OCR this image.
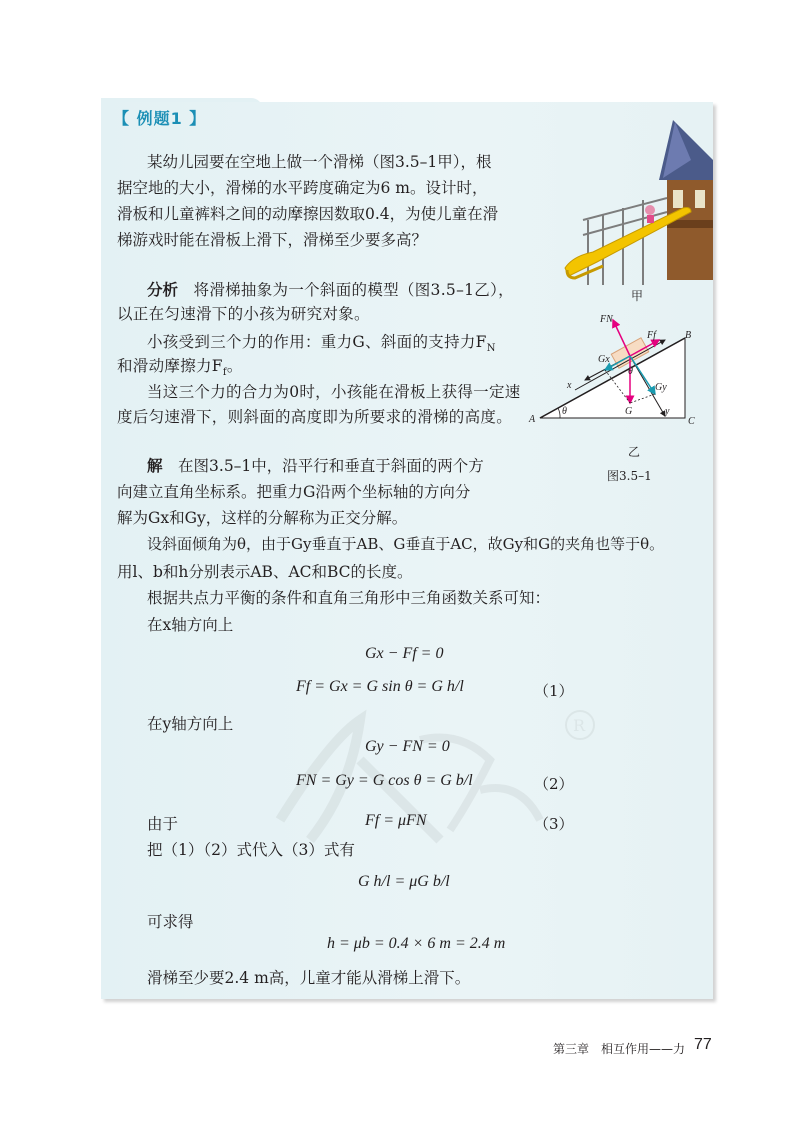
【 例题1 】
R

某幼儿园要在空地上做一个滑梯（图3.5–1甲），根

据空地的大小，滑梯的水平跨度确定为6 m。设计时，

滑板和儿童裤料之间的动摩擦因数取0.4，为使儿童在滑

梯游戏时能在滑板上滑下，滑梯至少要多高？

分析　 将滑梯抽象为一个斜面的模型（图3.5–1乙），

以正在匀速滑下的小孩为研究对象。

小孩受到三个力的作用：重力G、斜面的支持力$F_N$

和滑动摩擦力$F_f$。

当这三个力的合力为0时，小孩能在滑板上获得一定速

度后匀速滑下，则斜面的高度即为所要求的滑梯的高度。

解　 在图3.5–1中，沿平行和垂直于斜面的两个方

向建立直角坐标系。把重力G沿两个坐标轴的方向分

解为Gx和Gy，这样的分解称为正交分解。

设斜面倾角为θ，由于Gy垂直于AB、G垂直于AC，故Gy和G的夹角也等于θ。

用l、b和h分别表示AB、AC和BC的长度。

根据共点力平衡的条件和直角三角形中三角函数关系可知：

在x轴方向上

Gx − Ff = 0
Ff = Gx = G sin θ = G h/l	（1）

在y轴方向上

Gy − FN = 0
FN = Gy = G cos θ = G b/l	（2）

由于	Ff = μFN	（3）

把（1）（2）式代入（3）式有

G h/l = μG b/l

可求得

h = μb = 0.4 × 6 m = 2.4 m

滑梯至少要2.4 m高，儿童才能从滑梯上滑下。

甲
A
B
C
G
θ
θ
x
y
FN
Ff
Gx
Gy
乙
图3.5–1
第三章　相互作用——力 77
